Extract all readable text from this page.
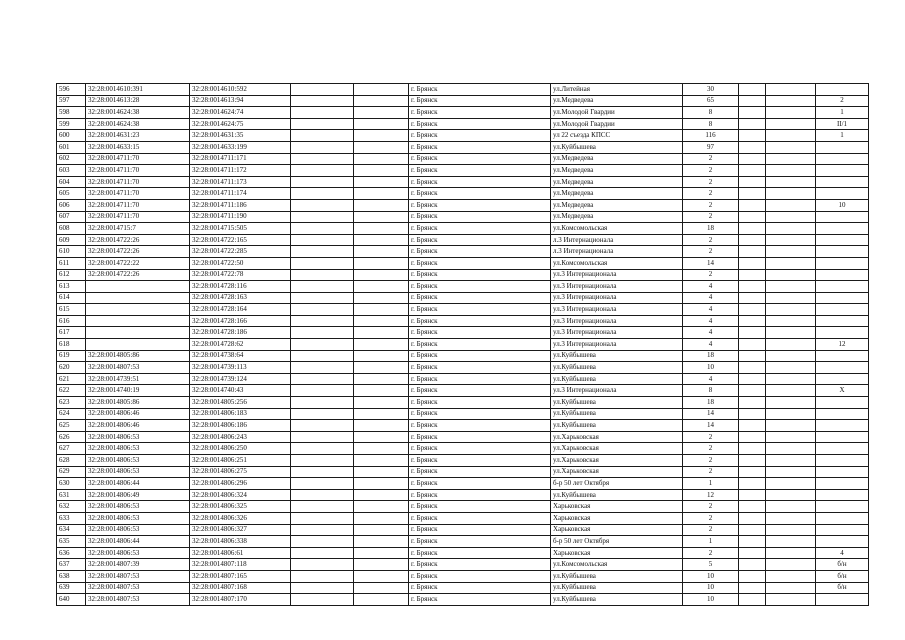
596	32:28:0014610:391	32:28:0014610:592			г. Брянск	ул.Литейная	30			
597	32:28:0014613:28	32:28:0014613:94			г. Брянск	ул.Медведева	65			2
598	32:28:0014624:38	32:28:0014624:74			г. Брянск	ул.Молодой Гвардии	8			1
599	32:28:0014624:38	32:28:0014624:75			г. Брянск	ул.Молодой Гвардии	8			II/1
600	32:28:0014631:23	32:28:0014631:35			г. Брянск	ул 22 съезда КПСС	116			1
601	32:28:0014633:15	32:28:0014633:199			г. Брянск	ул.Куйбышева	97			
602	32:28:0014711:70	32:28:0014711:171			г. Брянск	ул.Медведева	2			
603	32:28:0014711:70	32:28:0014711:172			г. Брянск	ул.Медведева	2			
604	32:28:0014711:70	32:28:0014711:173			г. Брянск	ул.Медведева	2			
605	32:28:0014711:70	32:28:0014711:174			г. Брянск	ул.Медведева	2			
606	32:28:0014711:70	32:28:0014711:186			г. Брянск	ул.Медведева	2			10
607	32:28:0014711:70	32:28:0014711:190			г. Брянск	ул.Медведева	2			
608	32:28:0014715:7	32:28:0014715:505			г. Брянск	ул.Комсомольская	18			
609	32:28:0014722:26	32:28:0014722:165			г. Брянск	л.3 Интернационала	2			
610	32:28:0014722:26	32:28:0014722:285			г. Брянск	л.3 Интернационала	2			
611	32:28:0014722:22	32:28:0014722:50			г. Брянск	ул.Комсомольская	14			
612	32:28:0014722:26	32:28:0014722:78			г. Брянск	ул.3 Интернационала	2			
613		32:28:0014728:116			г. Брянск	ул.3 Интернационала	4			
614		32:28:0014728:163			г. Брянск	ул.3 Интернационала	4			
615		32:28:0014728:164			г. Брянск	ул.3 Интернационала	4			
616		32:28:0014728:166			г. Брянск	ул.3 Интернационала	4			
617		32:28:0014728:186			г. Брянск	ул.3 Интернационала	4			
618		32:28:0014728:62			г. Брянск	ул.3 Интернационала	4			12
619	32:28:0014805:86	32:28:0014738:64			г. Брянск	ул.Куйбышева	18			
620	32:28:0014807:53	32:28:0014739:113			г. Брянск	ул.Куйбышева	10			
621	32:28:0014739:51	32:28:0014739:124			г. Брянск	ул.Куйбышева	4			
622	32:28:0014740:19	32:28:0014740:43			г. Брянск	ул.3 Интернационала	8			X
623	32:28:0014805:86	32:28:0014805:256			г. Брянск	ул.Куйбышева	18			
624	32:28:0014806:46	32:28:0014806:183			г. Брянск	ул.Куйбышева	14			
625	32:28:0014806:46	32:28:0014806:186			г. Брянск	ул.Куйбышева	14			
626	32:28:0014806:53	32:28:0014806:243			г. Брянск	ул.Харьковская	2			
627	32:28:0014806:53	32:28:0014806:250			г. Брянск	ул.Харьковская	2			
628	32:28:0014806:53	32:28:0014806:251			г. Брянск	ул.Харьковская	2			
629	32:28:0014806:53	32:28:0014806:275			г. Брянск	ул.Харьковская	2			
630	32:28:0014806:44	32:28:0014806:296			г. Брянск	б-р 50 лет Октября	1			
631	32:28:0014806:49	32:28:0014806:324			г. Брянск	ул.Куйбышева	12			
632	32:28:0014806:53	32:28:0014806:325			г. Брянск	Харьковская	2			
633	32:28:0014806:53	32:28:0014806:326			г. Брянск	Харьковская	2			
634	32:28:0014806:53	32:28:0014806:327			г. Брянск	Харьковская	2			
635	32:28:0014806:44	32:28:0014806:338			г. Брянск	б-р 50 лет Октября	1			
636	32:28:0014806:53	32:28:0014806:61			г. Брянск	Харьковская	2			4
637	32:28:0014807:39	32:28:0014807:118			г. Брянск	ул.Комсомольская	5			б/н
638	32:28:0014807:53	32:28:0014807:165			г. Брянск	ул.Куйбышева	10			б/н
639	32:28:0014807:53	32:28:0014807:168			г. Брянск	ул.Куйбышева	10			б/н
640	32:28:0014807:53	32:28:0014807:170			г. Брянск	ул.Куйбышева	10			
